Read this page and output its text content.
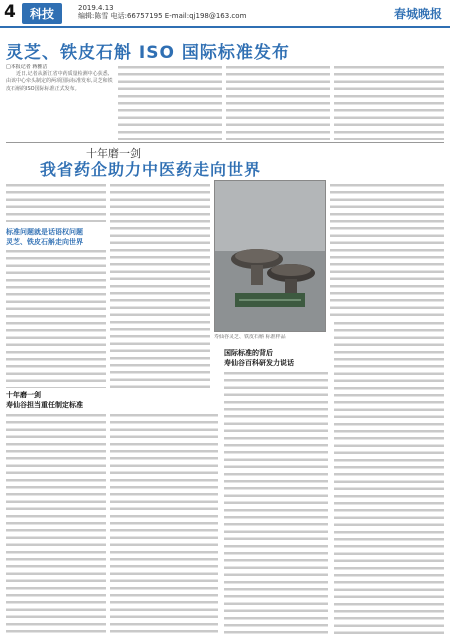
4	科技	2019.4.13
编辑:陈雪 电话:66757195 E-mail:qj198@163.com	春城晚报
灵芝、铁皮石斛 ISO 国际标准发布

□本报记者 蒋雅洁

近日,记者从浙江省中药质量检测中心获悉,由该中心牵头制定的两项国际标准发布,灵芝和铁皮石斛的ISO国际标准正式发布。

十年磨一剑
我省药企助力中医药走向世界
标准问题就是话语权问题
灵芝、铁皮石斛走向世界
寿仙谷灵芝、铁皮石斛 标准样品
国际标准的背后
寿仙谷百科研发力说话
十年磨一剑
寿仙谷担当重任制定标准
